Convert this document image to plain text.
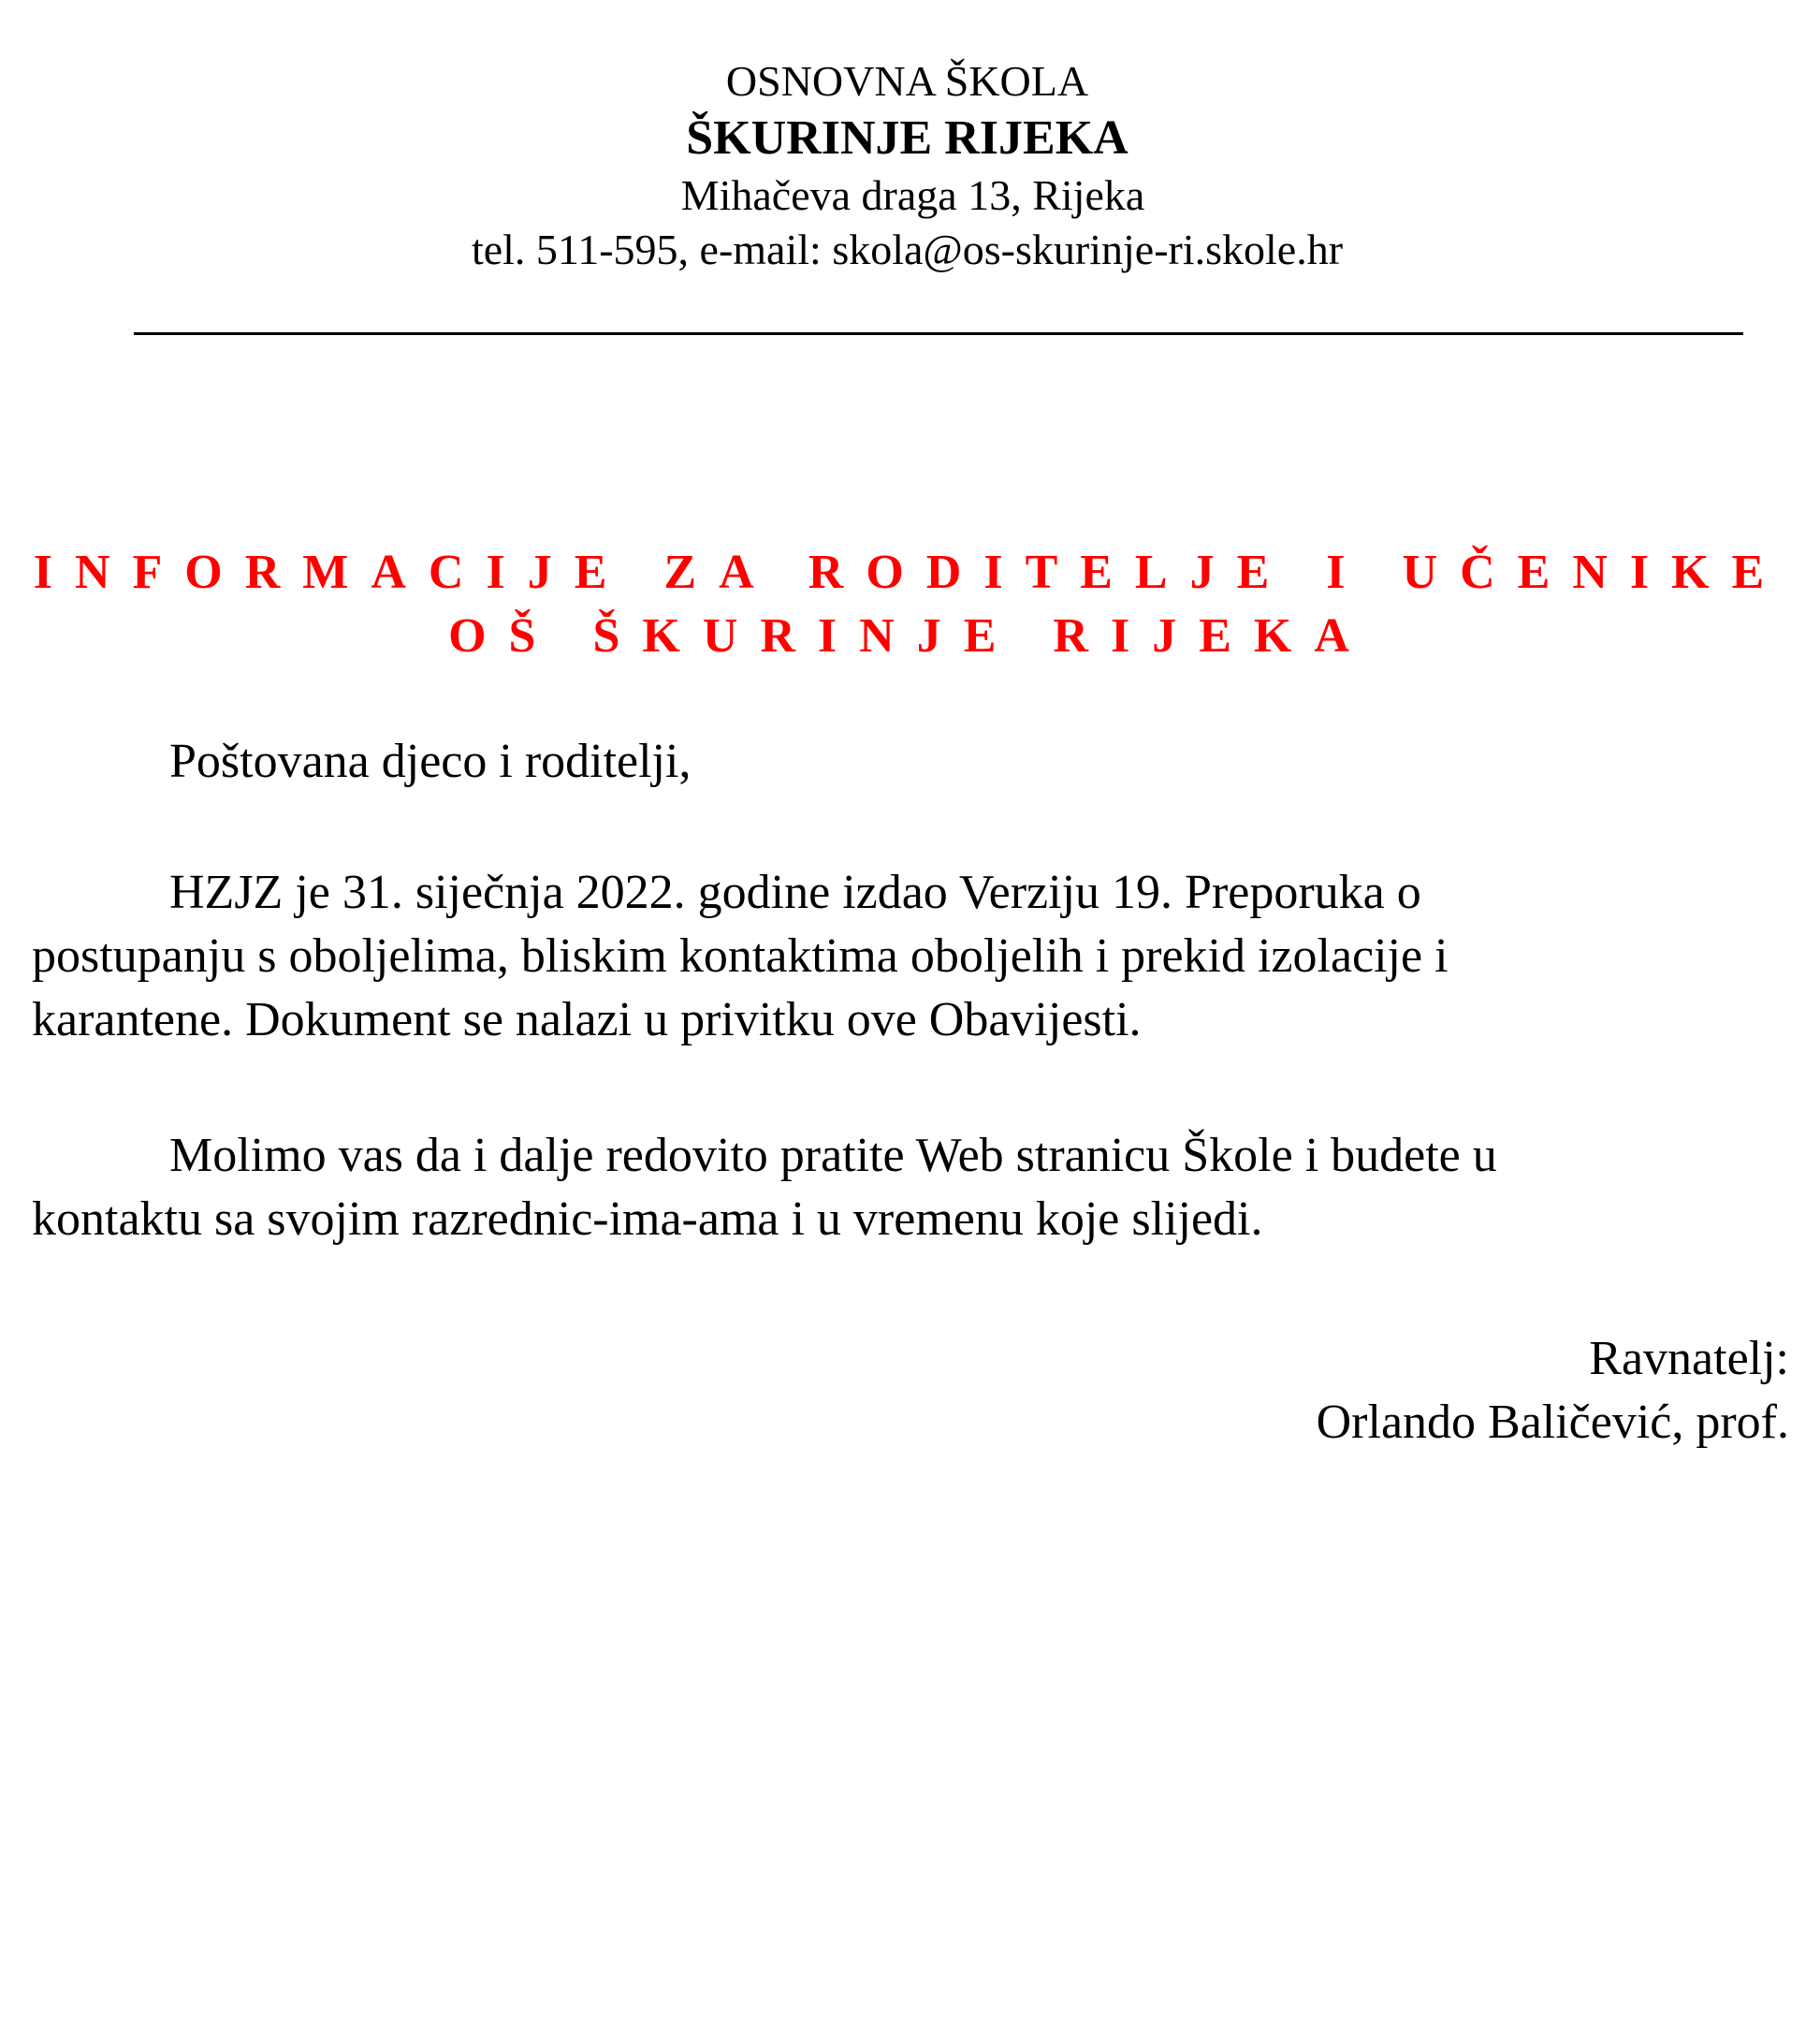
OSNOVNA ŠKOLA
ŠKURINJE RIJEKA
Mihačeva draga 13, Rijeka
tel. 511-595, e-mail: skola@os-skurinje-ri.skole.hr
INFORMACIJE ZA RODITELJE I UČENIKE
OŠ ŠKURINJE RIJEKA
Poštovana djeco i roditelji,
HZJZ je 31. siječnja 2022. godine izdao Verziju 19. Preporuka o
postupanju s oboljelima, bliskim kontaktima oboljelih i prekid izolacije i
karantene. Dokument se nalazi u privitku ove Obavijesti.
Molimo vas da i dalje redovito pratite Web stranicu Škole i budete u
kontaktu sa svojim razrednic-ima-ama i u vremenu koje slijedi.
Ravnatelj:
Orlando Baličević, prof.
